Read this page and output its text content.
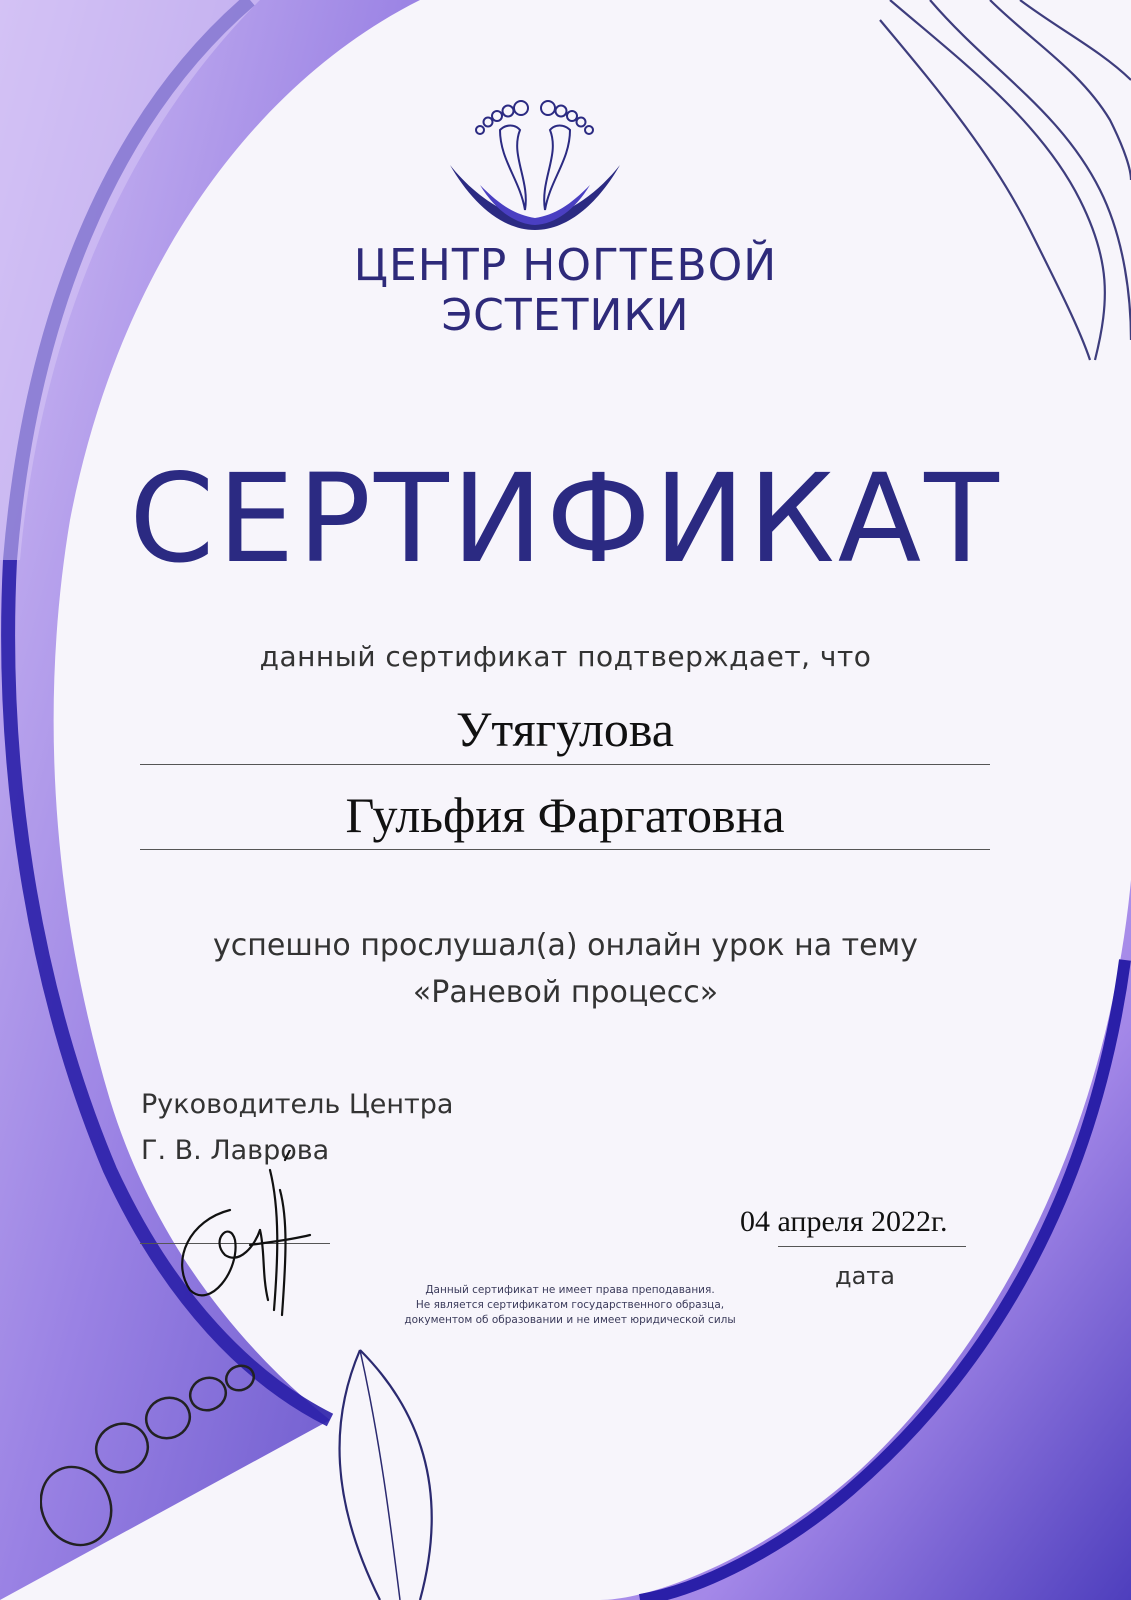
ЦЕНТР НОГТЕВОЙ
ЭСТЕТИКИ
СЕРТИФИКАТ
данный сертификат подтверждает, что
Утягулова
Гульфия Фаргатовна
успешно прослушал(а) онлайн урок на тему
«Раневой процесс»
Руководитель Центра
Г. В. Лаврова
04 апреля 2022г.
дата
Данный сертификат не имеет права преподавания.
Не является сертификатом государственного образца,
документом об образовании и не имеет юридической силы
